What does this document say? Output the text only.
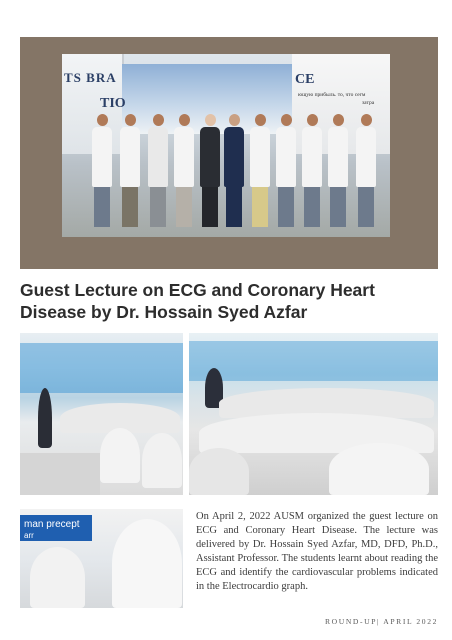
TS BRA
TIO
CE
ющую прибыль. то, что сегм
затра
Guest Lecture on ECG and Coronary Heart Disease by Dr. Hossain Syed Azfar
man precept
arr

On April 2, 2022 AUSM organized the guest lecture on ECG and Coronary Heart Disease. The lecture was delivered by Dr. Hossain Syed Azfar, MD, DFD, Ph.D., Assistant Professor. The students learnt about reading the ECG and identify the cardiovascular problems indicated in the Electrocardio graph.

ROUND-UP| APRIL 2022
